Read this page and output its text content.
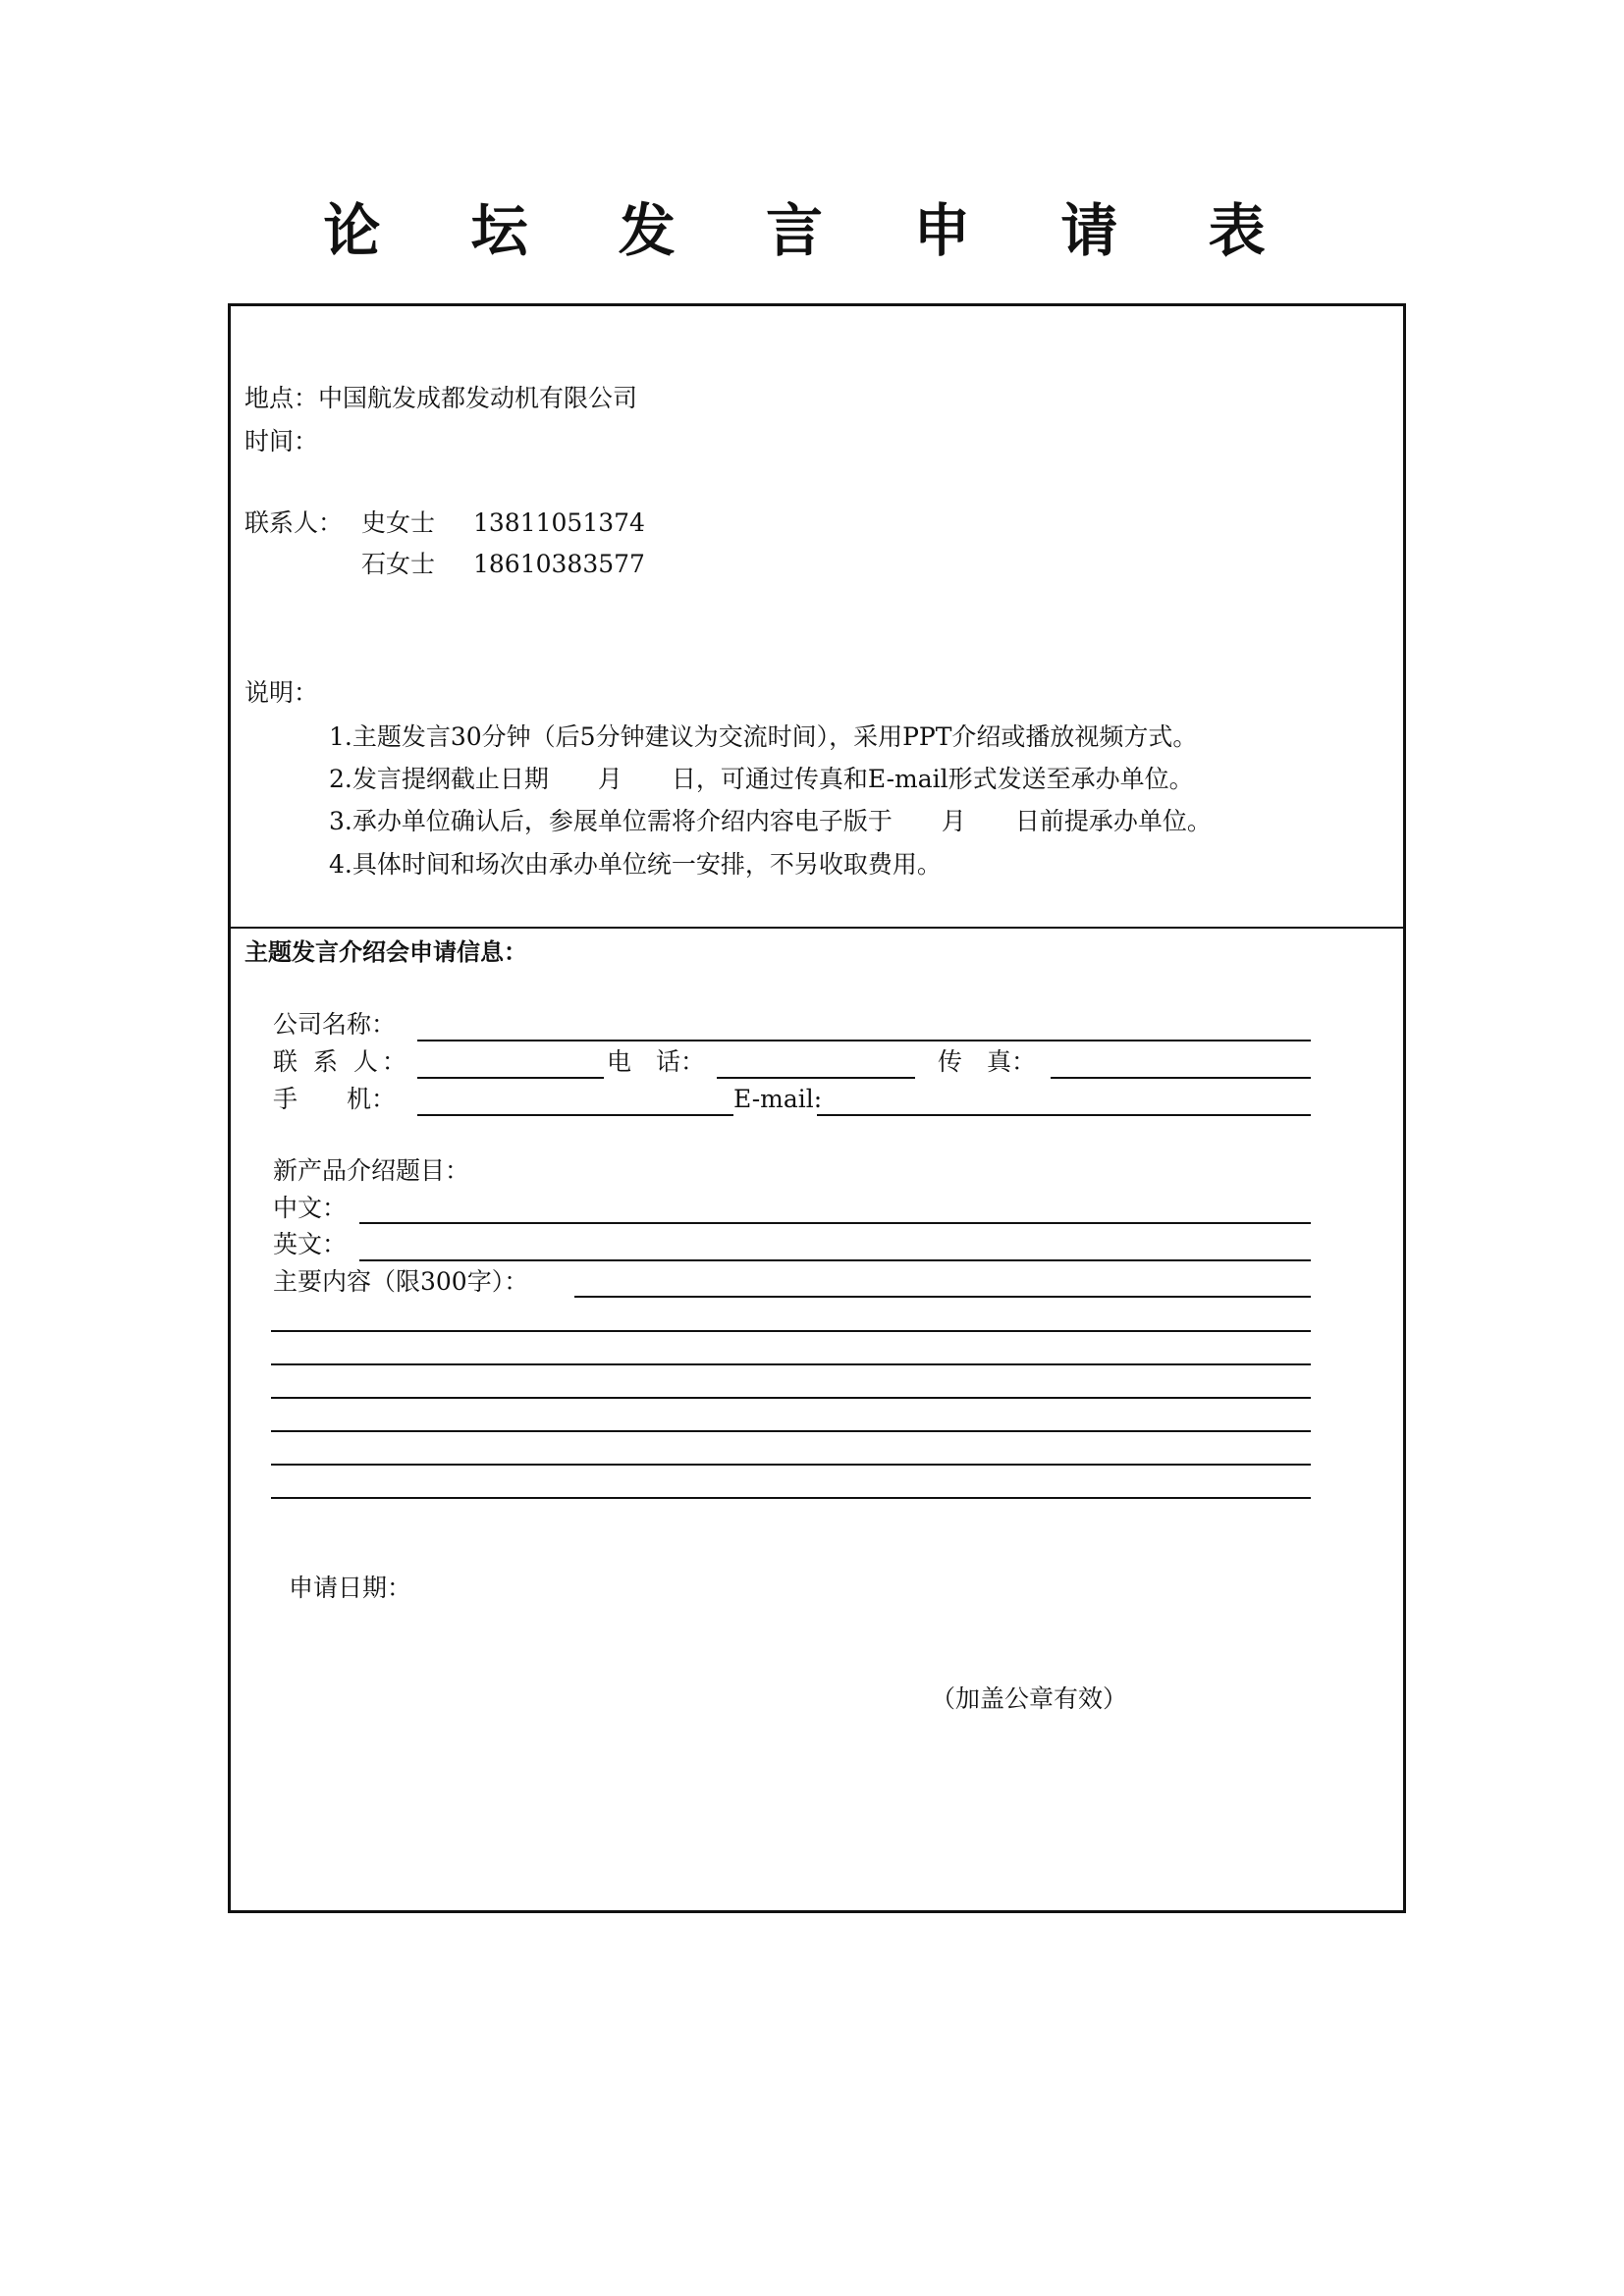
论 坛 发 言 申 请 表
地点：中国航发成都发动机有限公司
时间：
联系人： 史女士 13811051374
石女士 18610383577
说明：
1.主题发言30分钟（后5分钟建议为交流时间），采用PPT介绍或播放视频方式。
2.发言提纲截止日期　　月　　日，可通过传真和E-mail形式发送至承办单位。
3.承办单位确认后，参展单位需将介绍内容电子版于　　月　　日前提承办单位。
4.具体时间和场次由承办单位统一安排，不另收取费用。
主题发言介绍会申请信息：
公司名称：
联 系 人：	电　话：	传　真：
手　　机：	E-mail:
新产品介绍题目：
中文：
英文：
主要内容（限300字）：
申请日期：
（加盖公章有效）
